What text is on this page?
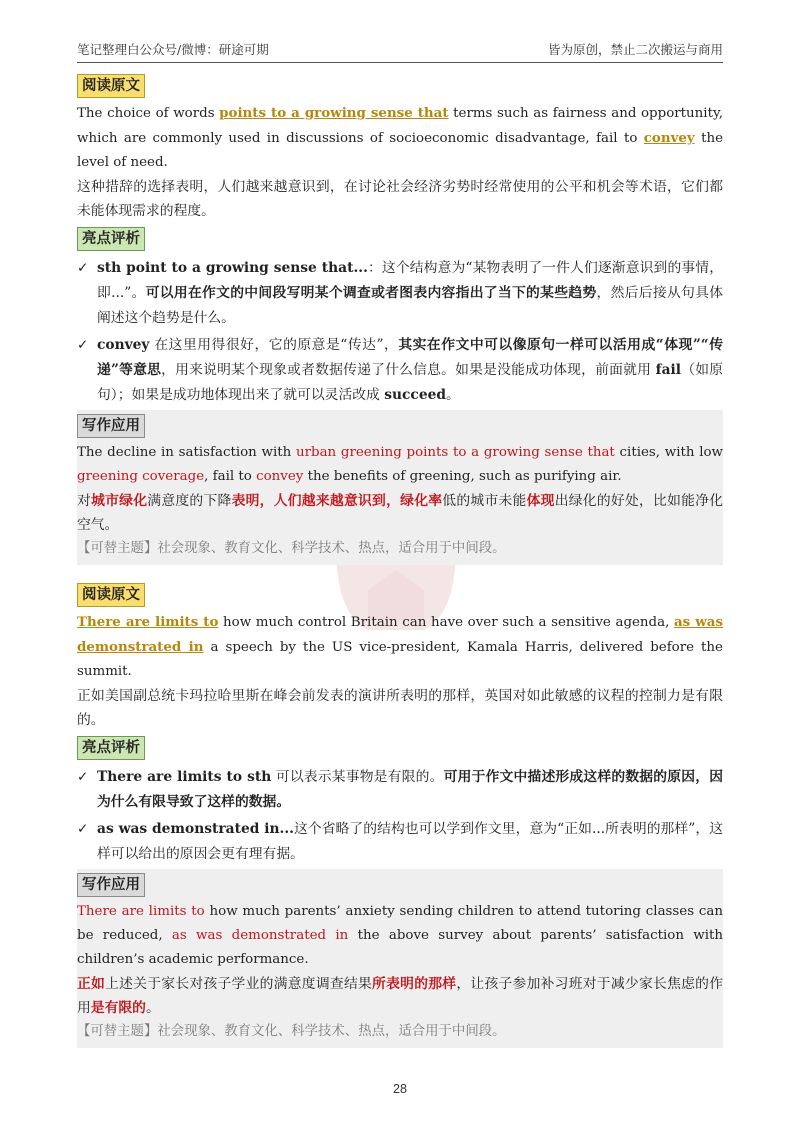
笔记整理白公众号/微博：研途可期	皆为原创，禁止二次搬运与商用
阅读原文
The choice of words points to a growing sense that terms such as fairness and opportunity, which are commonly used in discussions of socioeconomic disadvantage, fail to convey the level of need.
这种措辞的选择表明，人们越来越意识到，在讨论社会经济劣势时经常使用的公平和机会等术语，它们都未能体现需求的程度。
亮点评析
✓ sth point to a growing sense that...：这个结构意为“某物表明了一件人们逐渐意识到的事情，即...”。可以用在作文的中间段写明某个调查或者图表内容指出了当下的某些趋势，然后后接从句具体阐述这个趋势是什么。
✓ convey 在这里用得很好，它的原意是“传达”，其实在作文中可以像原句一样可以活用成“体现”“传递”等意思，用来说明某个现象或者数据传递了什么信息。如果是没能成功体现，前面就用 fail（如原句）；如果是成功地体现出来了就可以灵活改成 succeed。
写作应用
The decline in satisfaction with urban greening points to a growing sense that cities, with low greening coverage, fail to convey the benefits of greening, such as purifying air.
对城市绿化满意度的下降表明，人们越来越意识到，绿化率低的城市未能体现出绿化的好处，比如能净化空气。
【可替主题】社会现象、教育文化、科学技术、热点，适合用于中间段。
阅读原文
There are limits to how much control Britain can have over such a sensitive agenda, as was demonstrated in a speech by the US vice-president, Kamala Harris, delivered before the summit.
正如美国副总统卡玛拉哈里斯在峰会前发表的演讲所表明的那样，英国对如此敏感的议程的控制力是有限的。
亮点评析
✓ There are limits to sth 可以表示某事物是有限的。可用于作文中描述形成这样的数据的原因，因为什么有限导致了这样的数据。
✓ as was demonstrated in...这个省略了的结构也可以学到作文里，意为“正如...所表明的那样”，这样可以给出的原因会更有理有据。
写作应用
There are limits to how much parents’ anxiety sending children to attend tutoring classes can be reduced, as was demonstrated in the above survey about parents’ satisfaction with children’s academic performance.
正如上述关于家长对孩子学业的满意度调查结果所表明的那样，让孩子参加补习班对于减少家长焦虑的作用是有限的。
【可替主题】社会现象、教育文化、科学技术、热点，适合用于中间段。
28
